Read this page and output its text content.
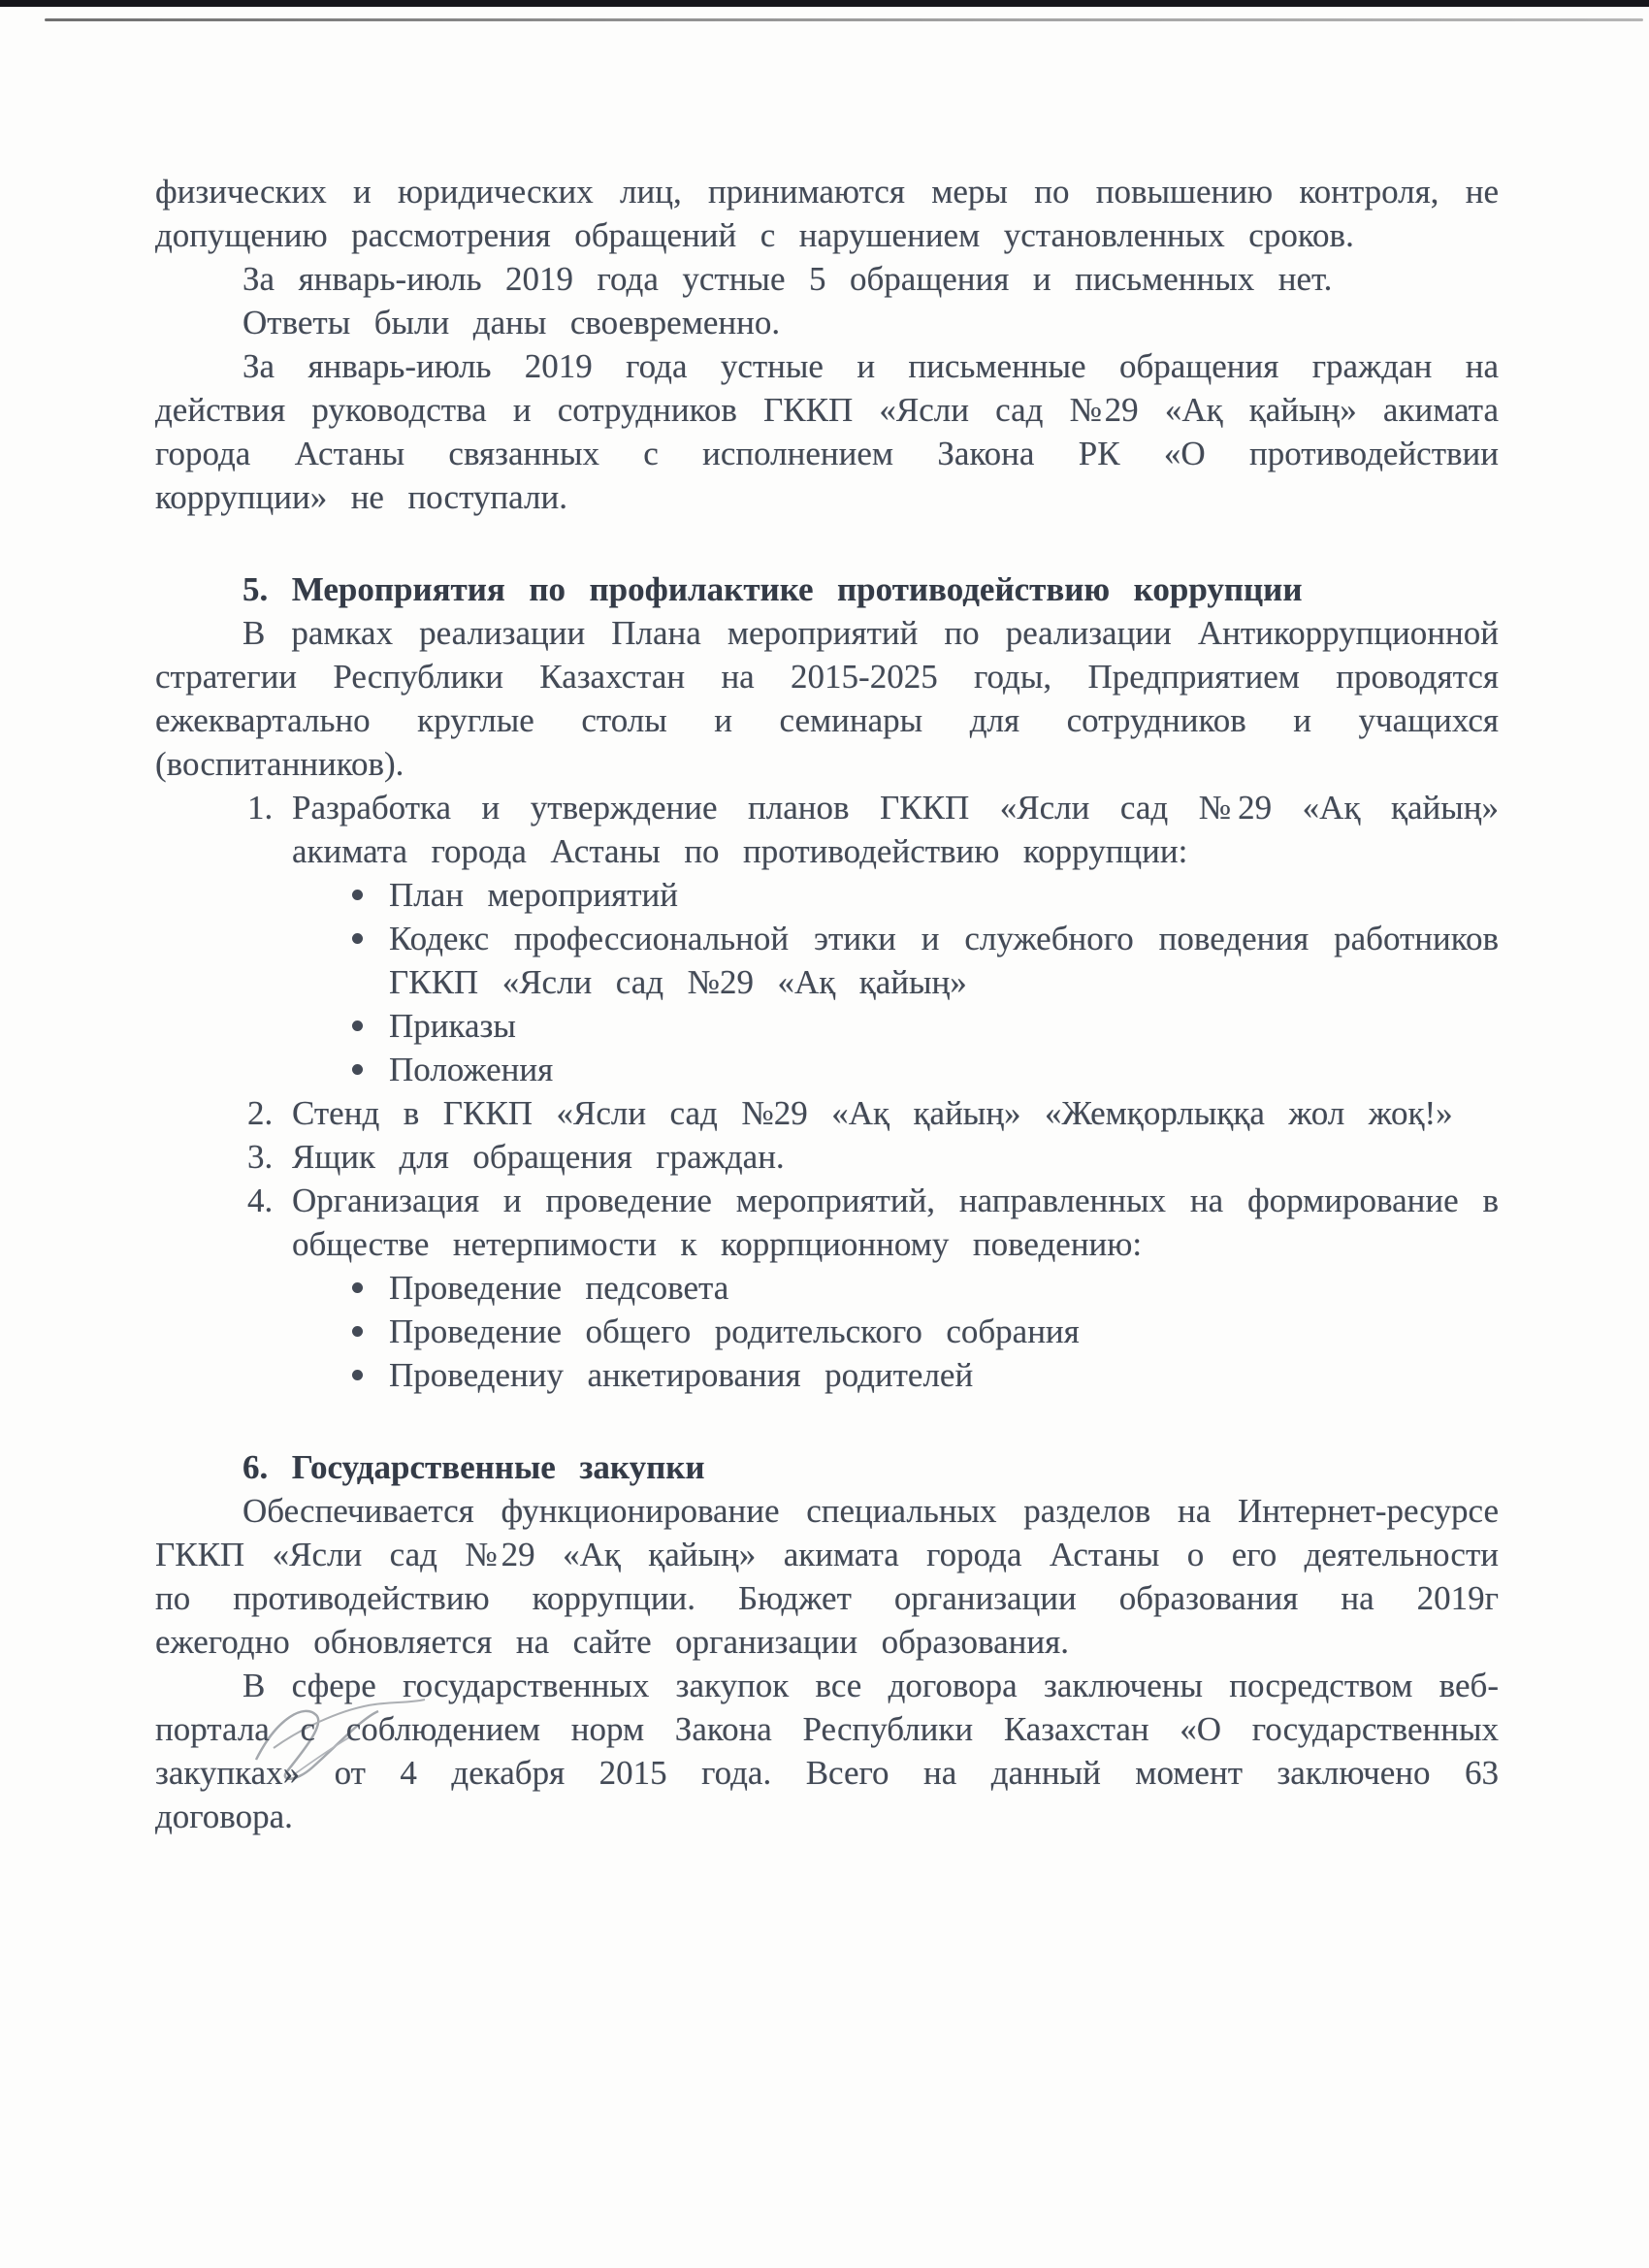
физических и юридических лиц, принимаются меры по повышению контроля, не допущению рассмотрения обращений с нарушением установленных сроков.

За январь-июль 2019 года устные 5 обращения и письменных нет.

Ответы были даны своевременно.

За январь-июль 2019 года устные и письменные обращения граждан на действия руководства и сотрудников ГККП «Ясли сад №29 «Ақ қайың» акимата города Астаны связанных с исполнением Закона РК «О противодействии коррупции» не поступали.

5. Мероприятия по профилактике противодействию коррупции

В рамках реализации Плана мероприятий по реализации Антикоррупционной стратегии Республики Казахстан на 2015-2025 годы, Предприятием проводятся ежеквартально круглые столы и семинары для сотрудников и учащихся (воспитанников).

1. Разработка и утверждение планов ГККП «Ясли сад №29 «Ақ қайың» акимата города Астаны по противодействию коррупции:

План мероприятий

Кодекс профессиональной этики и служебного поведения работников ГККП «Ясли сад №29 «Ақ қайың»

Приказы

Положения

2. Стенд в ГККП «Ясли сад №29 «Ақ қайың» «Жемқорлыққа жол жоқ!»

3. Ящик для обращения граждан.

4. Организация и проведение мероприятий, направленных на формирование в обществе нетерпимости к коррпционному поведению:

Проведение педсовета

Проведение общего родительского собрания

Проведениу анкетирования родителей

6. Государственные закупки

Обеспечивается функционирование специальных разделов на Интернет-ресурсе ГККП «Ясли сад №29 «Ақ қайың» акимата города Астаны о его деятельности по противодействию коррупции. Бюджет организации образования на 2019г ежегодно обновляется на сайте организации образования.

В сфере государственных закупок все договора заключены посредством веб-портала с соблюдением норм Закона Республики Казахстан «О государственных закупках» от 4 декабря 2015 года. Всего на данный момент заключено 63 договора.
